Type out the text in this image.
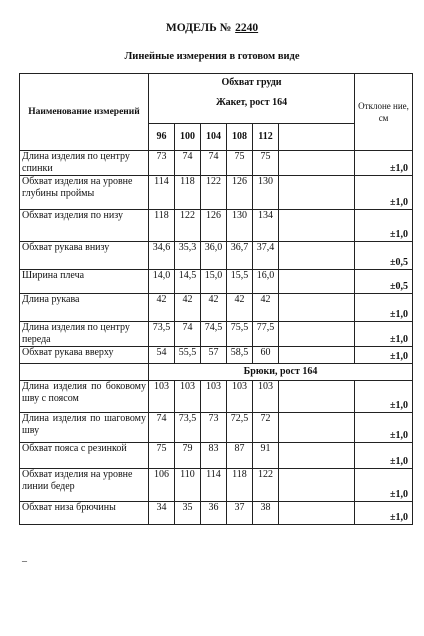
МОДЕЛЬ № 2240
Линейные измерения в готовом виде
Наименование измерений	Обхват груди
Жакет, рост 164						Отклоне ние, см
	96	100	104	108	112		
Длина изделия по центру спинки	73	74	74	75	75		±1,0
Обхват изделия на уровне глубины проймы	114	118	122	126	130		±1,0
Обхват изделия по низу	118	122	126	130	134		±1,0
Обхват рукава внизу	34,6	35,3	36,0	36,7	37,4		±0,5
Ширина плеча	14,0	14,5	15,0	15,5	16,0		±0,5
Длина рукава	42	42	42	42	42		±1,0
Длина изделия по центру переда	73,5	74	74,5	75,5	77,5		±1,0
Обхват рукава вверху	54	55,5	57	58,5	60		±1,0
	Брюки, рост 164						
Длина изделия по боковому шву с поясом	103	103	103	103	103		±1,0
Длина изделия по шаговому шву	74	73,5	73	72,5	72		±1,0
Обхват пояса с резинкой	75	79	83	87	91		±1,0
Обхват изделия на уровне линии бедер	106	110	114	118	122		±1,0
Обхват низа брючины	34	35	36	37	38		±1,0
–
